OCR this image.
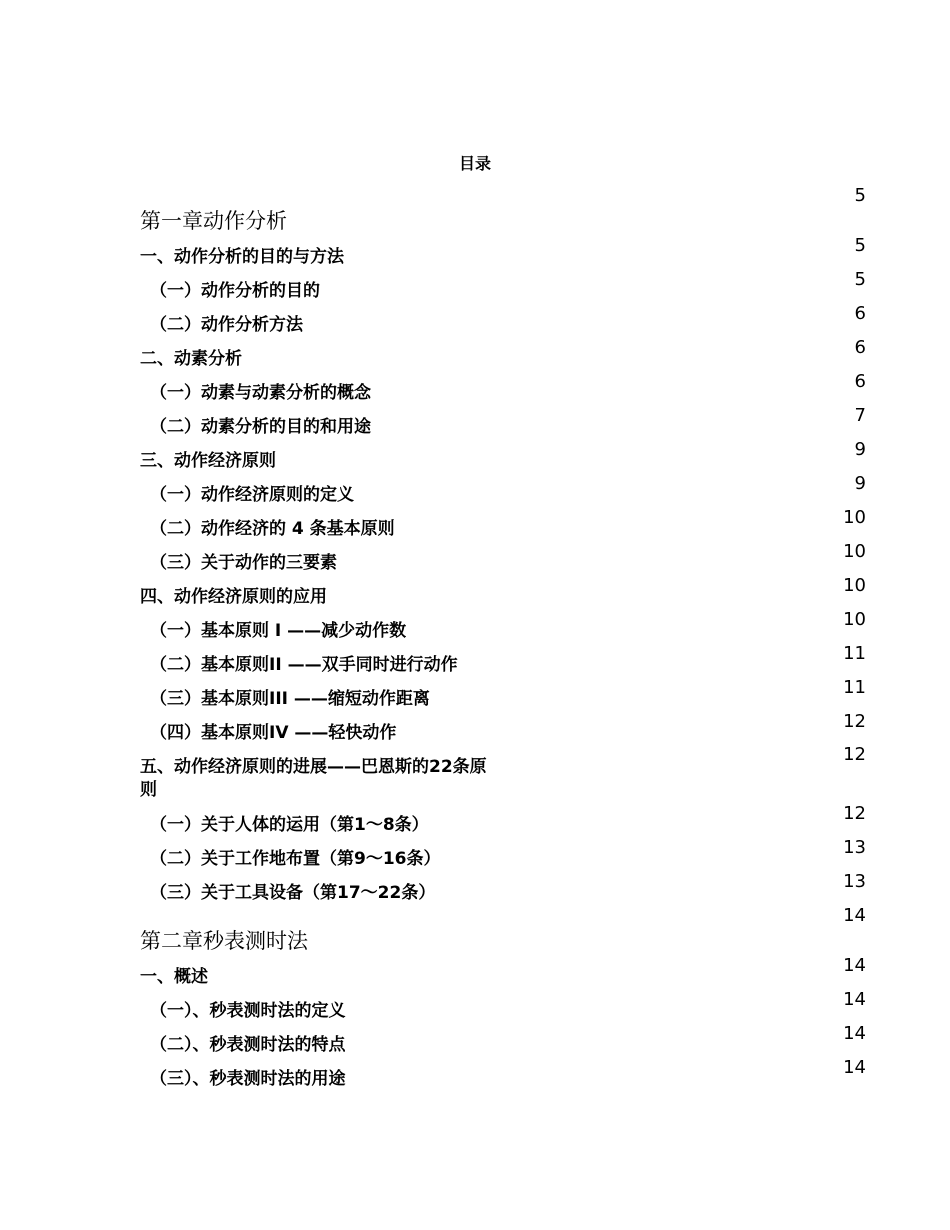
目录
第一章动作分析
一、动作分析的目的与方法
（一）动作分析的目的
（二）动作分析方法
二、动素分析
（一）动素与动素分析的概念
（二）动素分析的目的和用途
三、动作经济原则
（一）动作经济原则的定义
（二）动作经济的 4 条基本原则
（三）关于动作的三要素
四、动作经济原则的应用
（一）基本原则 I ——减少动作数
（二）基本原则II ——双手同时进行动作
（三）基本原则III ——缩短动作距离
（四）基本原则IV ——轻快动作
五、动作经济原则的进展——巴恩斯的22条原则
（一）关于人体的运用（第1～8条）
（二）关于工作地布置（第9～16条）
（三）关于工具设备（第17～22条）
第二章秒表测时法
一、概述
（一）、秒表测时法的定义
（二）、秒表测时法的特点
（三）、秒表测时法的用途
5
5
5
6
6
6
7
9
9
10
10
10
10
11
11
12
12
12
13
13
14
14
14
14
14
